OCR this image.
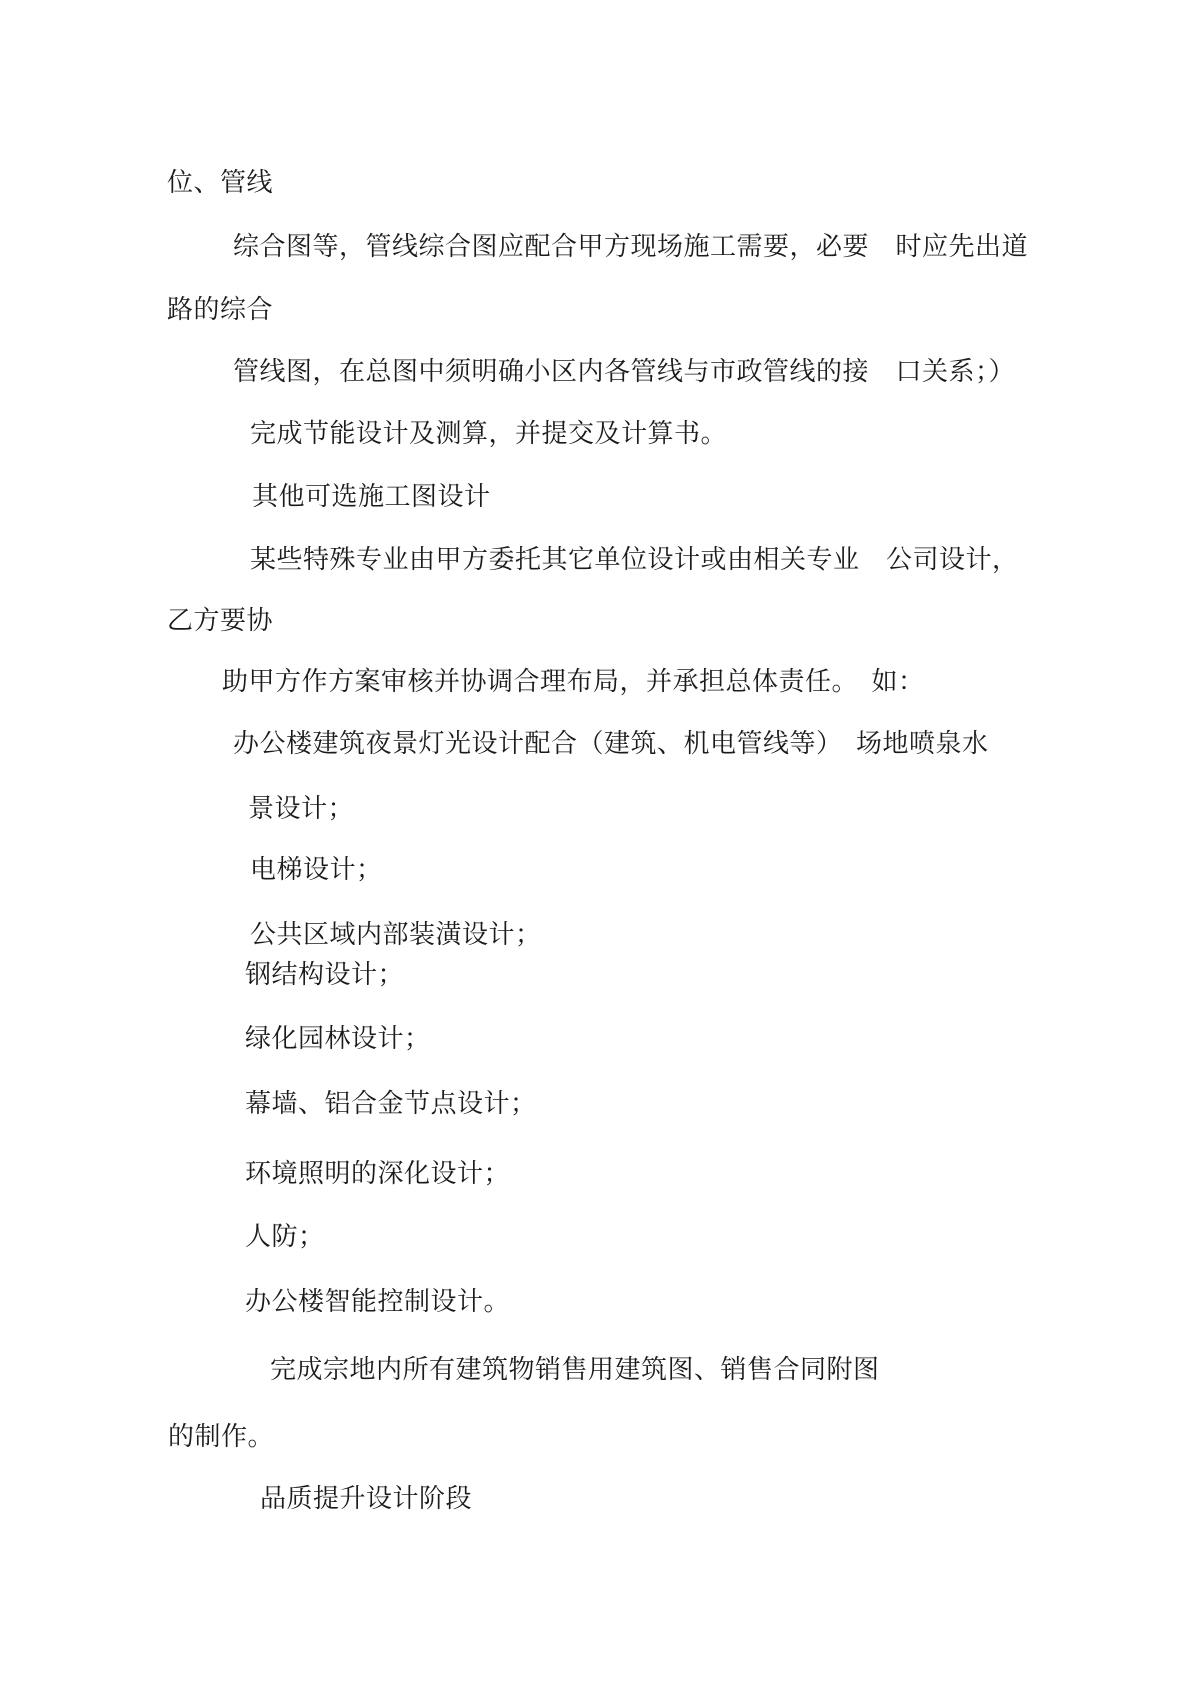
位、管线
综合图等，管线综合图应配合甲方现场施工需要，必要　时应先出道
路的综合
管线图，在总图中须明确小区内各管线与市政管线的接　口关系；）
完成节能设计及测算，并提交及计算书。
其他可选施工图设计
某些特殊专业由甲方委托其它单位设计或由相关专业　公司设计，
乙方要协
助甲方作方案审核并协调合理布局，并承担总体责任。　如：
办公楼建筑夜景灯光设计配合（建筑、机电管线等）　场地喷泉水
景设计；
电梯设计；
公共区域内部装潢设计；
钢结构设计；
绿化园林设计；
幕墙、铝合金节点设计；
环境照明的深化设计；
人防；
办公楼智能控制设计。
完成宗地内所有建筑物销售用建筑图、销售合同附图
的制作。
品质提升设计阶段
